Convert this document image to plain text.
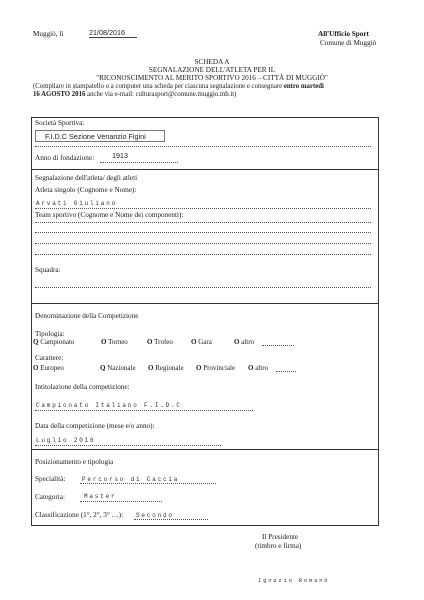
Muggiò, lì	21/08/2016	All'Ufficio Sport
Comune di Muggiò
SCHEDA A
SEGNALAZIONE DELL'ATLETA PER IL
"RICONOSCIMENTO AL MERITO SPORTIVO 2016 – CITTÀ DI MUGGIÒ"
(Compilare in stampatello o a computer una scheda per ciascuna segnalazione e consegnare entro martedì
16 AGOSTO 2016 anche via e-mail: culturasport@comune.muggio.mb.it)
Società Sportiva:
F.I.D.C Sezione Venanzio Figini
Anno di fondazione: 1913
Segnalazione dell'atleta/ degli atleti
Atleta singolo (Cognome e Nome):
Arvati Giuliano
Team sportivo (Cognome e Nome dei componenti):
Squadra:
Denominazione della Competizione
Tipologia:
Q Campionato	O Torneo	O Trofeo	O Gara	O altro
Carattere:
O Europeo	Q Nazionale O Regionale O Provinciale O altro
Intitolazione della competizione:
Campionato Italiano F.I.D.C
Data della competizione (mese e/o anno):
Luglio 2016
Posizionamento e tipologia
Specialità:	Percorso di Caccia
Categoria:	Master
Classificazione (1°, 2°, 3° …): Secondo
Il Presidente
(timbro e firma)
Ignazio Romanò
